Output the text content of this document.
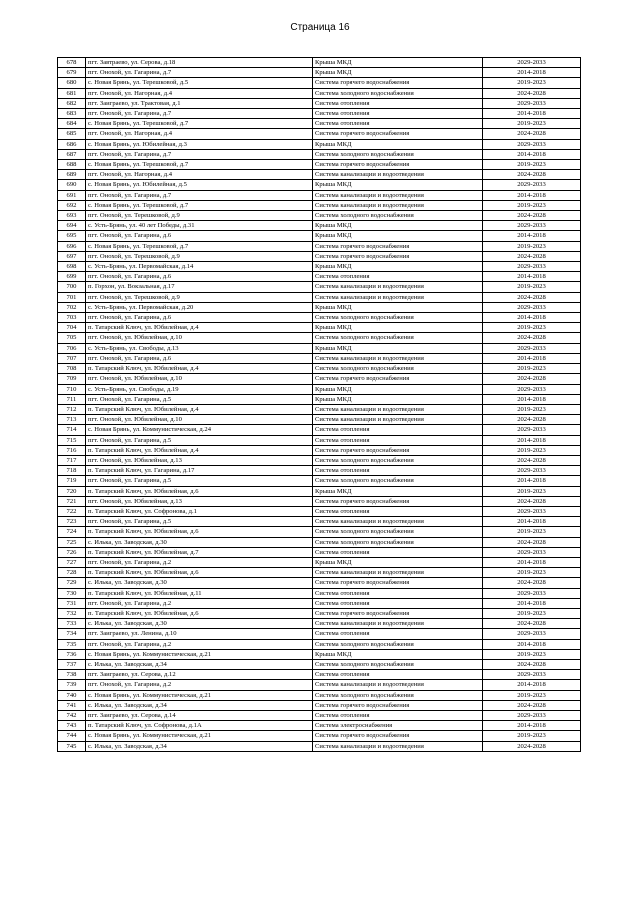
Страница 16
678	пгт. Завтраево, ул. Серова, д.18	Крыша МКД	2029-2033
679	пгт. Онохой, ул. Гагарина, д.7	Крыша МКД	2014-2018
680	с. Новая Брянь, ул. Терешковой, д.5	Система горячего водоснабжения	2019-2023
681	пгт. Онохой, ул. Нагорная, д.4	Система холодного водоснабжения	2024-2028
682	пгт. Заиграево, ул. Трактовая, д.1	Система отопления	2029-2033
683	пгт. Онохой, ул. Гагарина, д.7	Система отопления	2014-2018
684	с. Новая Брянь, ул. Терешковой, д.7	Система отопления	2019-2023
685	пгт. Онохой, ул. Нагорная, д.4	Система горячего водоснабжения	2024-2028
686	с. Новая Брянь, ул. Юбилейная, д.3	Крыша МКД	2029-2033
687	пгт. Онохой, ул. Гагарина, д.7	Система холодного водоснабжения	2014-2018
688	с. Новая Брянь, ул. Терешковой, д.7	Система горячего водоснабжения	2019-2023
689	пгт. Онохой, ул. Нагорная, д.4	Система канализации и водоотведения	2024-2028
690	с. Новая Брянь, ул. Юбилейная, д.5	Крыша МКД	2029-2033
691	пгт. Онохой, ул. Гагарина, д.7	Система канализации и водоотведения	2014-2018
692	с. Новая Брянь, ул. Терешковой, д.7	Система канализации и водоотведения	2019-2023
693	пгт. Онохой, ул. Терешковой, д.9	Система холодного водоснабжения	2024-2028
694	с. Усть-Брянь, ул. 40 лет Победы, д.31	Крыша МКД	2029-2033
695	пгт. Онохой, ул. Гагарина, д.6	Крыша МКД	2014-2018
696	с. Новая Брянь, ул. Терешковой, д.7	Система горячего водоснабжения	2019-2023
697	пгт. Онохой, ул. Терешковой, д.9	Система горячего водоснабжения	2024-2028
698	с. Усть-Брянь, ул. Первомайская, д.14	Крыша МКД	2029-2033
699	пгт. Онохой, ул. Гагарина, д.6	Система отопления	2014-2018
700	п. Горхон, ул. Вокзальная, д.17	Система канализации и водоотведения	2019-2023
701	пгт. Онохой, ул. Терешковой, д.9	Система канализации и водоотведения	2024-2028
702	с. Усть-Брянь, ул. Первомайская, д.20	Крыша МКД	2029-2033
703	пгт. Онохой, ул. Гагарина, д.6	Система холодного водоснабжения	2014-2018
704	п. Татарский Ключ, ул. Юбилейная, д.4	Крыша МКД	2019-2023
705	пгт. Онохой, ул. Юбилейная, д.10	Система холодного водоснабжения	2024-2028
706	с. Усть-Брянь, ул. Свободы, д.13	Крыша МКД	2029-2033
707	пгт. Онохой, ул. Гагарина, д.6	Система канализации и водоотведения	2014-2018
708	п. Татарский Ключ, ул. Юбилейная, д.4	Система холодного водоснабжения	2019-2023
709	пгт. Онохой, ул. Юбилейная, д.10	Система горячего водоснабжения	2024-2028
710	с. Усть-Брянь, ул. Свободы, д.19	Крыша МКД	2029-2033
711	пгт. Онохой, ул. Гагарина, д.5	Крыша МКД	2014-2018
712	п. Татарский Ключ, ул. Юбилейная, д.4	Система канализации и водоотведения	2019-2023
713	пгт. Онохой, ул. Юбилейная, д.10	Система канализации и водоотведения	2024-2028
714	с. Новая Брянь, ул. Коммунистическая, д.24	Система отопления	2029-2033
715	пгт. Онохой, ул. Гагарина, д.5	Система отопления	2014-2018
716	п. Татарский Ключ, ул. Юбилейная, д.4	Система горячего водоснабжения	2019-2023
717	пгт. Онохой, ул. Юбилейная, д.13	Система холодного водоснабжения	2024-2028
718	п. Татарский Ключ, ул. Гагарина, д.17	Система отопления	2029-2033
719	пгт. Онохой, ул. Гагарина, д.5	Система холодного водоснабжения	2014-2018
720	п. Татарский Ключ, ул. Юбилейная, д.6	Крыша МКД	2019-2023
721	пгт. Онохой, ул. Юбилейная, д.13	Система горячего водоснабжения	2024-2028
722	п. Татарский Ключ, ул. Софронова, д.1	Система отопления	2029-2033
723	пгт. Онохой, ул. Гагарина, д.5	Система канализации и водоотведения	2014-2018
724	п. Татарский Ключ, ул. Юбилейная, д.6	Система холодного водоснабжения	2019-2023
725	с. Илька, ул. Заводская, д.30	Система холодного водоснабжения	2024-2028
726	п. Татарский Ключ, ул. Юбилейная, д.7	Система отопления	2029-2033
727	пгт. Онохой, ул. Гагарина, д.2	Крыша МКД	2014-2018
728	п. Татарский Ключ, ул. Юбилейная, д.6	Система канализации и водоотведения	2019-2023
729	с. Илька, ул. Заводская, д.30	Система горячего водоснабжения	2024-2028
730	п. Татарский Ключ, ул. Юбилейная, д.11	Система отопления	2029-2033
731	пгт. Онохой, ул. Гагарина, д.2	Система отопления	2014-2018
732	п. Татарский Ключ, ул. Юбилейная, д.6	Система горячего водоснабжения	2019-2023
733	с. Илька, ул. Заводская, д.30	Система канализации и водоотведения	2024-2028
734	пгт. Заиграево, ул. Ленина, д.10	Система отопления	2029-2033
735	пгт. Онохой, ул. Гагарина, д.2	Система холодного водоснабжения	2014-2018
736	с. Новая Брянь, ул. Коммунистическая, д.21	Крыша МКД	2019-2023
737	с. Илька, ул. Заводская, д.34	Система холодного водоснабжения	2024-2028
738	пгт. Заиграево, ул. Серова, д.12	Система отопления	2029-2033
739	пгт. Онохой, ул. Гагарина, д.2	Система канализации и водоотведения	2014-2018
740	с. Новая Брянь, ул. Коммунистическая, д.21	Система холодного водоснабжения	2019-2023
741	с. Илька, ул. Заводская, д.34	Система горячего водоснабжения	2024-2028
742	пгт. Заиграево, ул. Серова, д.14	Система отопления	2029-2033
743	п. Татарский Ключ, ул. Софронова, д.1А	Система электроснабжения	2014-2018
744	с. Новая Брянь, ул. Коммунистическая, д.21	Система горячего водоснабжения	2019-2023
745	с. Илька, ул. Заводская, д.34	Система канализации и водоотведения	2024-2028
